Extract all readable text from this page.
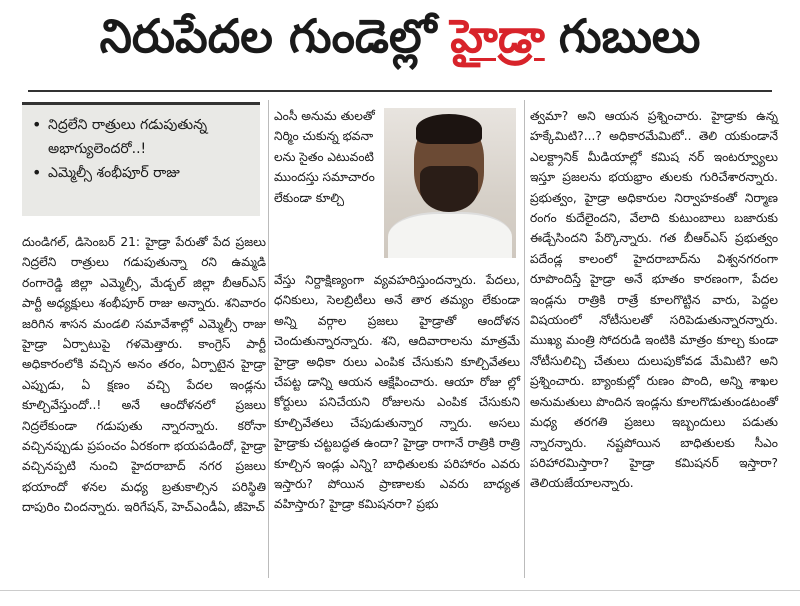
నిరుపేదల గుండెల్లో హైడ్రా గుబులు
• నిద్రలేని రాత్రులు గడుపుతున్న అభాగ్యులెందరో..!
• ఎమ్మెల్సీ శంభీపూర్ రాజు

దుండిగల్, డిసెంబర్ 21: హైడ్రా పేరుతో పేద ప్రజలు నిద్రలేని రాత్రులు గడుపుతున్నా రని ఉమ్మడి రంగారెడ్డి జిల్లా ఎమ్మెల్సీ, మేడ్చల్ జిల్లా బీఆర్ఎస్ పార్టీ అధ్యక్షులు శంభీపూర్ రాజు అన్నారు. శనివారం జరిగిన శాసన మండలి సమావేశాల్లో ఎమ్మెల్సీ రాజు హైడ్రా ఏర్పాటుపై గళమెత్తారు. కాంగ్రెస్ పార్టీ అధికారంలోకి వచ్చిన అనం తరం, ఏర్పాటైన హైడ్రా ఎప్పుడు, ఏ క్షణం వచ్చి పేదల ఇండ్లను కూల్చివేస్తుందో..! అనే ఆందోళనలో ప్రజలు నిద్రలేకుండా గడుపుతు న్నారన్నారు. కరోనా వచ్చినప్పుడు ప్రపంచం ఏరకంగా భయపడిందో, హైడ్రా వచ్చినప్పటి నుంచి హైదరాబాద్ నగర ప్రజలు భయాందో ళనల మధ్య బ్రతుకాల్సిన పరిస్థితి దాపురిం చిందన్నారు. ఇరిగేషన్, హెచ్ఎండీఏ, జీహెచ్

ఎంసీ అనుమ తులతో నిర్మిం చుకున్న భవనా లను సైతం ఎటువంటి ముందస్తు సమాచారం లేకుండా కూల్చి

వేస్తు నిర్దాక్షిణ్యంగా వ్యవహరిస్తుందన్నారు. పేదలు, ధనికులు, సెలబ్రిటీలు అనే తార తమ్యం లేకుండా అన్ని వర్గాల ప్రజలు హైడ్రాతో ఆందోళన చెందుతున్నారన్నారు. శని, ఆదివారాలను మాత్రమే హైడ్రా అధికా రులు ఎంపిక చేసుకుని కూల్చివేతలు చేపట్ట డాన్ని ఆయన ఆక్షేపించారు. ఆయా రోజు ల్లో కోర్టులు పనిచేయని రోజులను ఎంపిక చేసుకుని కూల్చివేతలు చేపుడుతున్నార న్నారు. అసలు హైడ్రాకు చట్టబద్ధత ఉందా? హైడ్రా రాగానే రాత్రికి రాత్రి కూల్చిన ఇండ్లు ఎన్ని? బాధితులకు పరిహారం ఎవరు ఇస్తారు? పోయిన ప్రాణాలకు ఎవరు బాధ్యత వహిస్తారు? హైడ్రా కమిషనరా? ప్రభు

త్వమా? అని ఆయన ప్రశ్నించారు. హైడ్రాకు ఉన్న హక్కేమిటి?...? అధికారమేమిటో.. తెలి యకుండానే ఎలక్ట్రానిక్ మీడియాల్లో కమిష నర్ ఇంటర్వ్యూలు ఇస్తూ ప్రజలను భయభ్రాం తులకు గురిచేశారన్నారు. ప్రభుత్వం, హైడ్రా అధికారుల నిర్వాహకంతో నిర్మాణ రంగం కుదేలైందని, వేలాది కుటుంబాలు బజారుకు ఈడ్చేసిందని పేర్కొన్నారు. గత బీఆర్ఎస్ ప్రభుత్వం పదేండ్ల కాలంలో హైదరాబాద్‌ను విశ్వనగరంగా రూపొందిస్తే హైడ్రా అనే భూతం కారణంగా, పేదల ఇండ్లను రాత్రికి రాత్రే కూలగొట్టిన వారు, పెద్దల విషయంలో నోటీసులతో సరిపెడుతున్నారన్నారు. ముఖ్య మంత్రి సోదరుడి ఇంటికి మాత్రం కూల్చ కుండా నోటీసులిచ్చి చేతులు దులుపుకోవడ మేమిటి? అని ప్రశ్నించారు. బ్యాంకుల్లో రుణం పొంది, అన్ని శాఖల అనుమతులు పొందిన ఇండ్లను కూలగొడుతుండటంతో మధ్య తరగతి ప్రజలు ఇబ్బందులు పడుతు న్నారన్నారు. నష్టపోయిన బాధితులకు సీఎం పరిహారమిస్తారా? హైడ్రా కమిషనర్ ఇస్తారా? తెలియజేయాలన్నారు.
